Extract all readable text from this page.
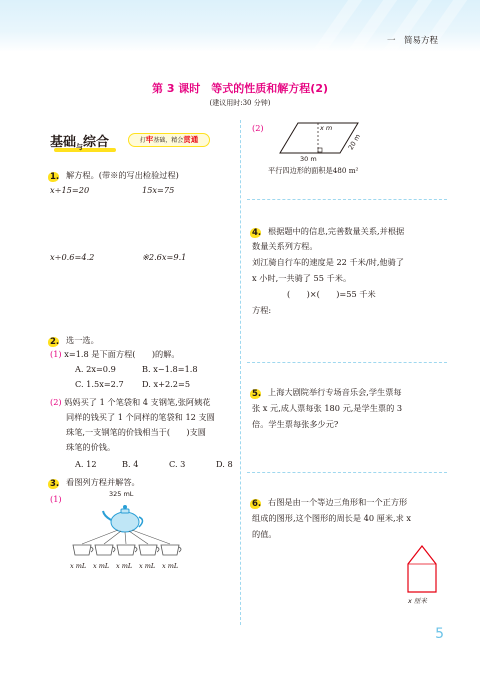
一　简易方程
第 3 课时　等式的性质和解方程(2)
(建议用时:30 分钟)
基础$_与$综合	打牢基础，精会贯通
1. 解方程。(带※的写出检验过程)
x÷15=20	15x=75
x÷0.6=4.2	※2.6x=9.1
2. 选一选。
(1) x=1.8 是下面方程(　　)的解。
A. 2x=0.9	B. x−1.8=1.8
C. 1.5x=2.7 D. x+2.2=5
(2) 妈妈买了 1 个笔袋和 4 支钢笔,张阿姨花
同样的钱买了 1 个同样的笔袋和 12 支圆
珠笔,一支钢笔的价钱相当于(　　)支圆
珠笔的价钱。
A. 12	B. 4	C. 3	D. 8
3. 看图列方程并解答。
(1)	325 mL
x mL x mL x mL x mL x mL
(2)	x m
20 m
30 m
平行四边形的面积是480 m²
4. 根据题中的信息,完善数量关系,并根据
数量关系列方程。
刘江骑自行车的速度是 22 千米/时,他骑了
x 小时,一共骑了 55 千米。
(　　)×(　　)=55 千米
方程:
5. 上海大剧院举行专场音乐会,学生票每
张 x 元,成人票每张 180 元,是学生票的 3
倍。学生票每张多少元?
6. 右图是由一个等边三角形和一个正方形
组成的图形,这个图形的周长是 40 厘米,求 x
的值。
x 厘米
5
